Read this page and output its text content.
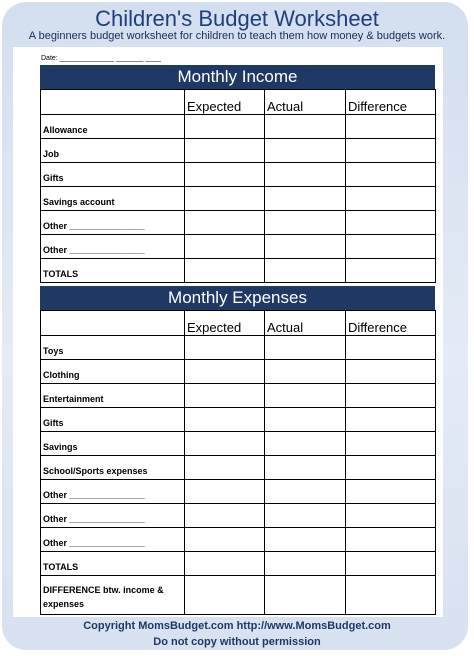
Children's Budget Worksheet
A beginners budget worksheet for children to teach them how money & budgets work.
Date: ______________ _______ ____
Monthly Income
	Expected	Actual	Difference
Allowance			
Job			
Gifts			
Savings account			
Other _______________			
Other _______________			
TOTALS			
Monthly Expenses
	Expected	Actual	Difference
Toys			
Clothing			
Entertainment			
Gifts			
Savings			
School/Sports expenses			
Other _______________			
Other _______________			
Other _______________			
TOTALS			
DIFFERENCE btw. income & expenses			
Copyright MomsBudget.com http://www.MomsBudget.com
Do not copy without permission
